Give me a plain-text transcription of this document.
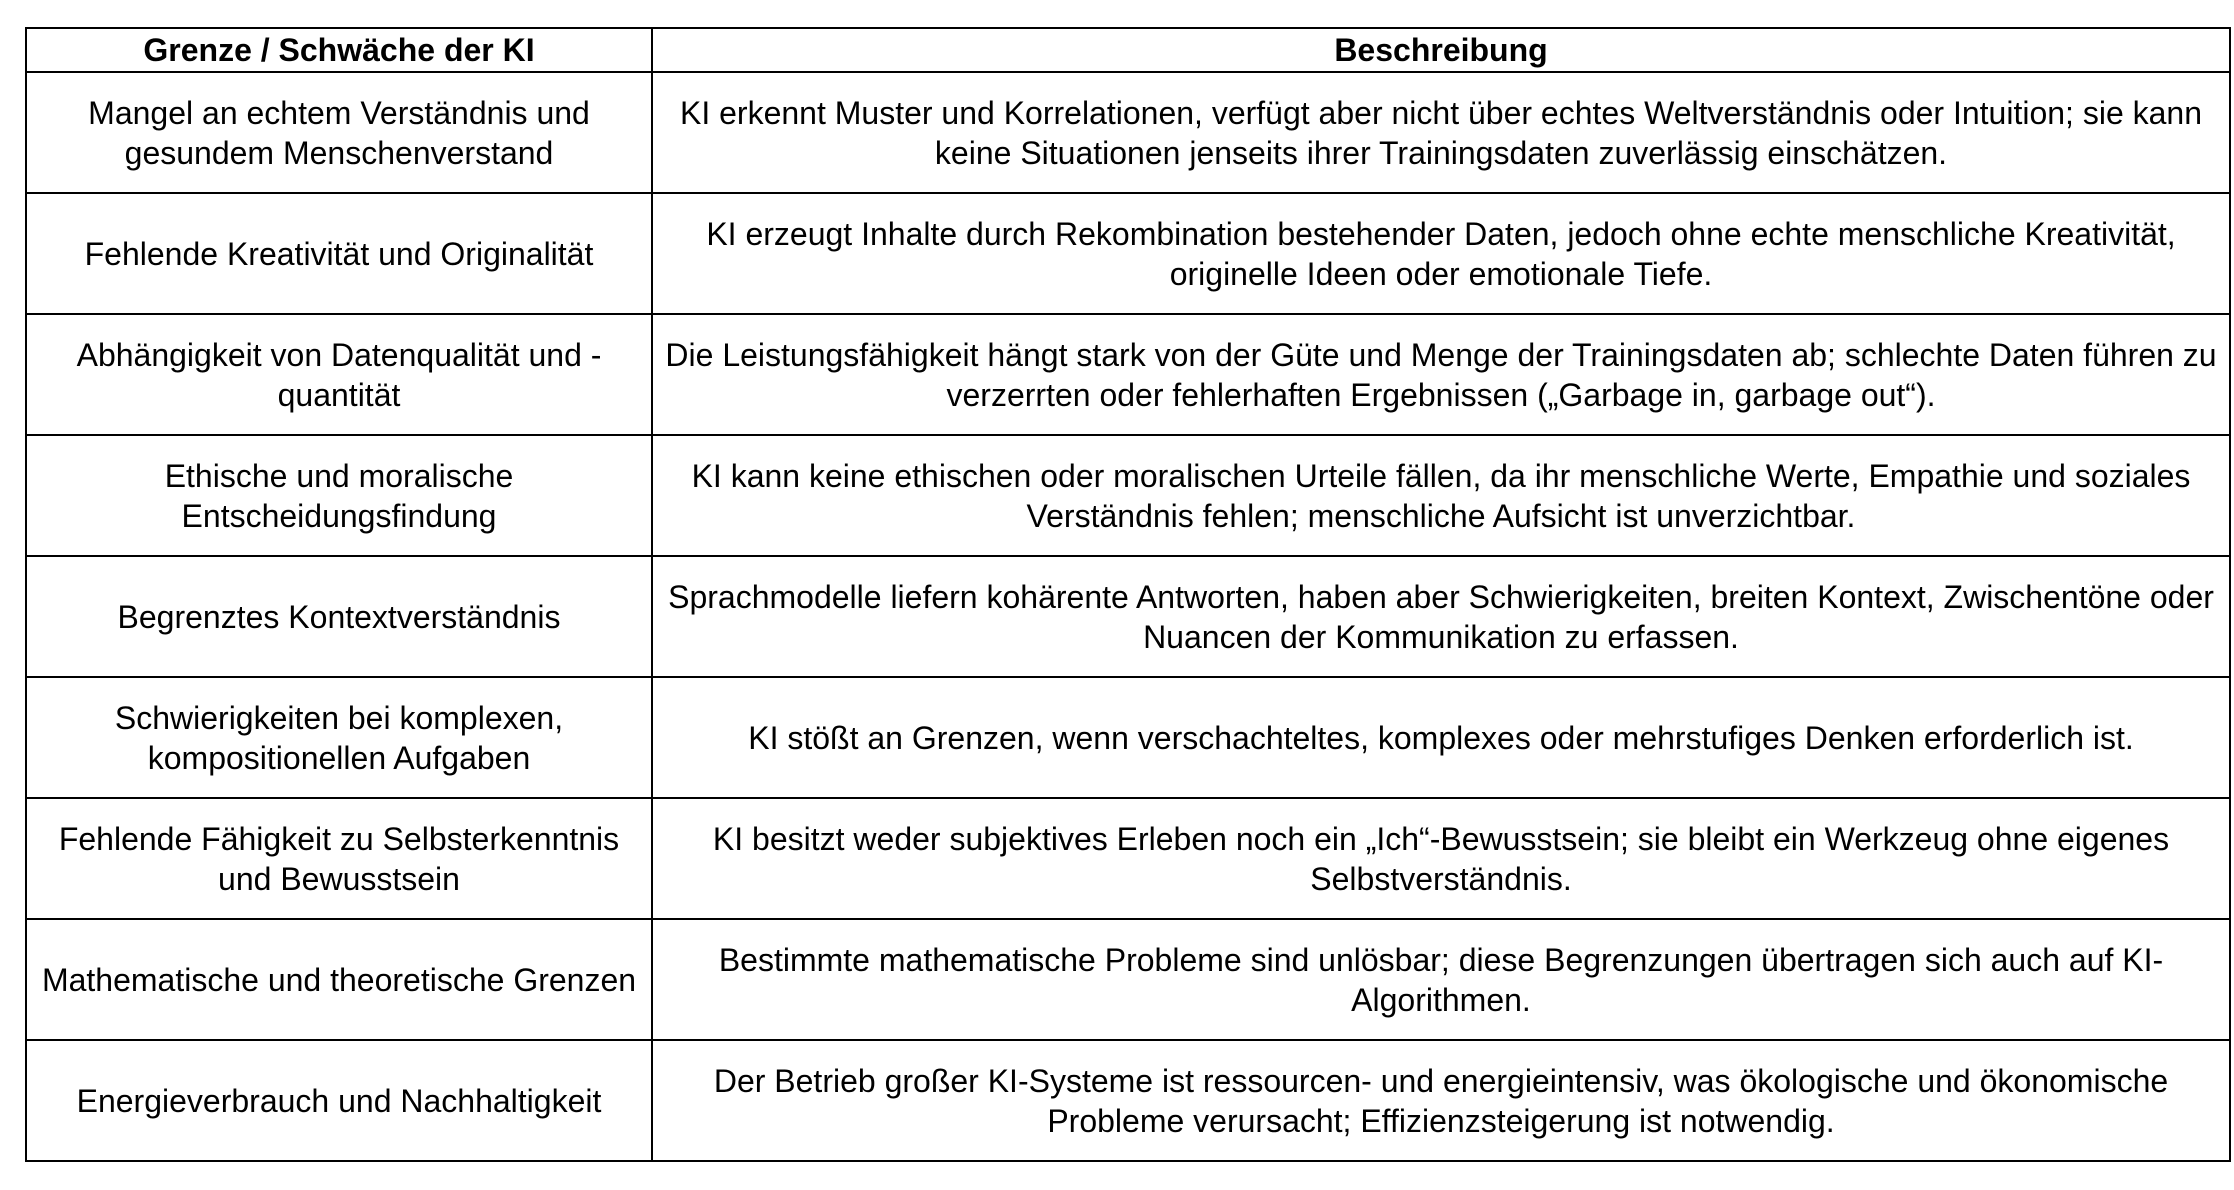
Grenze / Schwäche der KI	Beschreibung
Mangel an echtem Verständnis und gesundem Menschenverstand	KI erkennt Muster und Korrelationen, verfügt aber nicht über echtes Weltverständnis oder Intuition; sie kann keine Situationen jenseits ihrer Trainingsdaten zuverlässig einschätzen.
Fehlende Kreativität und Originalität	KI erzeugt Inhalte durch Rekombination bestehender Daten, jedoch ohne echte menschliche Kreativität, originelle Ideen oder emotionale Tiefe.
Abhängigkeit von Datenqualität und -quantität	Die Leistungsfähigkeit hängt stark von der Güte und Menge der Trainingsdaten ab; schlechte Daten führen zu verzerrten oder fehlerhaften Ergebnissen („Garbage in, garbage out“).
Ethische und moralische Entscheidungsfindung	KI kann keine ethischen oder moralischen Urteile fällen, da ihr menschliche Werte, Empathie und soziales Verständnis fehlen; menschliche Aufsicht ist unverzichtbar.
Begrenztes Kontextverständnis	Sprachmodelle liefern kohärente Antworten, haben aber Schwierigkeiten, breiten Kontext, Zwischentöne oder Nuancen der Kommunikation zu erfassen.
Schwierigkeiten bei komplexen, kompositionellen Aufgaben	KI stößt an Grenzen, wenn verschachteltes, komplexes oder mehrstufiges Denken erforderlich ist.
Fehlende Fähigkeit zu Selbsterkenntnis und Bewusstsein	KI besitzt weder subjektives Erleben noch ein „Ich“-Bewusstsein; sie bleibt ein Werkzeug ohne eigenes Selbstverständnis.
Mathematische und theoretische Grenzen	Bestimmte mathematische Probleme sind unlösbar; diese Begrenzungen übertragen sich auch auf KI-Algorithmen.
Energieverbrauch und Nachhaltigkeit	Der Betrieb großer KI-Systeme ist ressourcen- und energieintensiv, was ökologische und ökonomische Probleme verursacht; Effizienzsteigerung ist notwendig.
